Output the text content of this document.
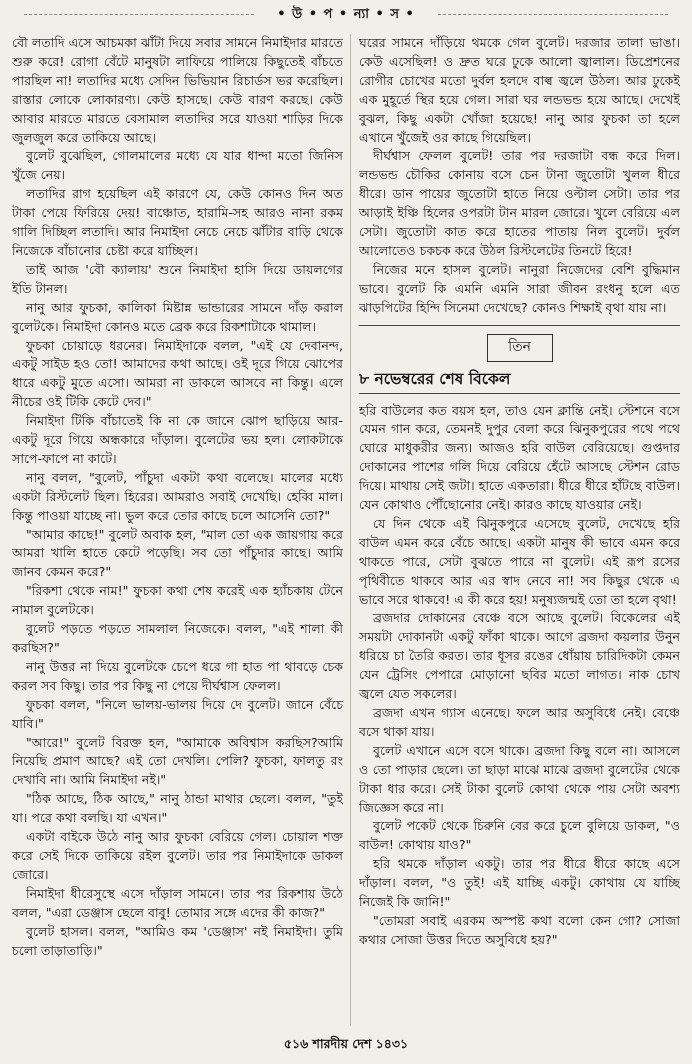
• উ • প • ন্যা • স •

বৌ লতাদি এসে আচমকা ঝাঁটা দিয়ে সবার সামনে নিমাইদার মারতে শুরু করে! রোগা বেঁটে মানুষটা লাফিয়ে পালিয়ে কিছুতেই বাঁচতে পারছিল না! লতাদির মধ্যে সেদিন ভিভিয়ান রিচার্ডস ভর করেছিল। রাস্তার লোকে লোকারণ্য। কেউ হাসছে। কেউ বারণ করছে। কেউ আবার মারতে মারতে বেসামাল লতাদির সরে যাওয়া শাড়ির দিকে জুলজুল করে তাকিয়ে আছে।

বুলেট বুঝেছিল, গোলমালের মধ্যে যে যার ধান্দা মতো জিনিস খুঁজে নেয়।

লতাদির রাগ হয়েছিল এই কারণে যে, কেউ কোনও দিন অত টাকা পেয়ে ফিরিয়ে দেয়! বাঞ্চোত, হারামি-সহ আরও নানা রকম গালি দিচ্ছিল লতাদি। আর নিমাইদা নেচে নেচে ঝাঁটার বাড়ি থেকে নিজেকে বাঁচানোর চেষ্টা করে যাচ্ছিল।

তাই আজ 'বৌ ক্যালায়' শুনে নিমাইদা হাসি দিয়ে ডায়লগের ইতি টানল।

নানু আর ফুচকা, কালিকা মিষ্টান্ন ভান্ডারের সামনে দাঁড় করাল বুলেটকে। নিমাইদা কোনও মতে ব্রেক করে রিকশাটাকে থামাল।

ফুচকা চোয়াড়ে ধরনের। নিমাইদাকে বলল, "এই যে দেবানন্দ, একটু সাইড হও তো! আমাদের কথা আছে। ওই দূরে গিয়ে ঝোপের ধারে একটু মুতে এসো। আমরা না ডাকলে আসবে না কিন্তু। এলে নীচের ওই টিকি কেটে দেব।"

নিমাইদা টিকি বাঁচাতেই কি না কে জানে ঝোপ ছাড়িয়ে আর-একটু দূরে গিয়ে অন্ধকারে দাঁড়াল। বুলেটের ভয় হল। লোকটাকে সাপে-ফাপে না কাটে।

নানু বলল, "বুলেট, পাঁচুদা একটা কথা বলেছে। মালের মধ্যে একটা রিস্টলেট ছিল। হিরের। আমরাও সবাই দেখেছি। হেব্বি মাল। কিন্তু পাওয়া যাচ্ছে না। ভুল করে তোর কাছে চলে আসেনি তো?"

"আমার কাছে!" বুলেট অবাক হল, "মাল তো এক জায়গায় করে আমরা খালি হাতে কেটে পড়েছি। সব তো পাঁচুদার কাছে। আমি জানব কেমন করে?"

"রিকশা থেকে নাম!" ফুচকা কথা শেষ করেই এক হ্যাঁচকায় টেনে নামাল বুলেটকে।

বুলেট পড়তে পড়তে সামলাল নিজেকে। বলল, "এই শালা কী করছিস?"

নানু উত্তর না দিয়ে বুলেটকে চেপে ধরে গা হাত পা থাবড়ে চেক করল সব কিছু। তার পর কিছু না পেয়ে দীর্ঘশ্বাস ফেলল।

ফুচকা বলল, "নিলে ভালয়-ভালয় দিয়ে দে বুলেট। জানে বেঁচে যাবি।"

"আরে!" বুলেট বিরক্ত হল, "আমাকে অবিশ্বাস করছিস?আমি নিয়েছি প্রমাণ আছে? এই তো দেখলি। পেলি? ফুচকা, ফালতু রং দেখাবি না। আমি নিমাইদা নই।"

"ঠিক আছে, ঠিক আছে," নানু ঠান্ডা মাথার ছেলে। বলল, "তুই যা। পরে কথা বলছি। যা এখন।"

একটা বাইকে উঠে নানু আর ফুচকা বেরিয়ে গেল। চোয়াল শক্ত করে সেই দিকে তাকিয়ে রইল বুলেট। তার পর নিমাইদাকে ডাকল জোরে।

নিমাইদা ধীরেসুস্থে এসে দাঁড়াল সামনে। তার পর রিকশায় উঠে বলল, "এরা ডেঞ্জাস ছেলে বাবু! তোমার সঙ্গে এদের কী কাজ?"

বুলেট হাসল। বলল, "আমিও কম 'ডেঞ্জাস' নই নিমাইদা। তুমি চলো তাড়াতাড়ি।"

ঘরের সামনে দাঁড়িয়ে থমকে গেল বুলেট। দরজার তালা ভাঙা। কেউ এসেছিল! ও দ্রুত ঘরে ঢুকে আলো জ্বালাল। ডিপ্রেশনের রোগীর চোখের মতো দুর্বল হলদে বাল্ব জ্বলে উঠল। আর ঢুকেই এক মুহূর্তে স্থির হয়ে গেল। সারা ঘর লন্ডভন্ড হয়ে আছে। দেখেই বুঝল, কিছু একটা খোঁজা হয়েছে! নানু আর ফুচকা তা হলে এখানে খুঁজেই ওর কাছে গিয়েছিল।

দীর্ঘশ্বাস ফেলল বুলেট! তার পর দরজাটা বন্ধ করে দিল। লন্ডভন্ড চৌকির কোনায় বসে চেন টানা জুতোটা খুলল ধীরে ধীরে। ডান পায়ের জুতোটা হাতে নিয়ে ওল্টাল সেটা। তার পর আড়াই ইঞ্চি হিলের ওপরটা টান মারল জোরে। খুলে বেরিয়ে এল সেটা। জুতোটা কাত করে হাতের পাতায় নিল বুলেট। দুর্বল আলোতেও চকচক করে উঠল রিস্টলেটের তিনটে হিরে!

নিজের মনে হাসল বুলেট। নানুরা নিজেদের বেশি বুদ্ধিমান ভাবে। বুলেট কি এমনি এমনি সারা জীবন রংধনু হলে এত ঝাড়পিটের হিন্দি সিনেমা দেখেছে? কোনও শিক্ষাই বৃথা যায় না।

তিন
৮ নভেম্বরের শেষ বিকেল

হরি বাউলের কত বয়স হল, তাও যেন ক্লান্তি নেই। স্টেশনে বসে যেমন গান করে, তেমনই দুপুর বেলা করে ঝিনুকপুরের পথে পথে ঘোরে মাধুকরীর জন্য। আজও হরি বাউল বেরিয়েছে। গুপ্তদার দোকানের পাশের গলি দিয়ে বেরিয়ে হেঁটে আসছে স্টেশন রোড দিয়ে। মাথায় সেই জটা। হাতে একতারা। ধীরে ধীরে হাঁটছে বাউল। যেন কোথাও পৌঁছোনোর নেই। কারও কাছে যাওয়ার নেই।

যে দিন থেকে এই ঝিনুকপুরে এসেছে বুলেট, দেখেছে হরি বাউল এমন করে বেঁচে আছে। একটা মানুষ কী ভাবে এমন করে থাকতে পারে, সেটা বুঝতে পারে না বুলেট। এই রূপ রসের পৃথিবীতে থাকবে আর এর স্বাদ নেবে না! সব কিছুর থেকে এ ভাবে সরে থাকবে! এ কী করে হয়! মনুষ্যজন্মই তো তা হলে বৃথা!

ব্রজদার দোকানের বেঞ্চে বসে আছে বুলেট। বিকেলের এই সময়টা দোকানটা একটু ফাঁকা থাকে। আগে ব্রজদা কয়লার উনুন ধরিয়ে চা তৈরি করত। তার ধূসর রঙের ধোঁয়ায় চারিদিকটা কেমন যেন ট্রেসিং পেপারে মোড়ানো ছবির মতো লাগত। নাক চোখ জ্বলে যেত সকলের।

ব্রজদা এখন গ্যাস এনেছে। ফলে আর অসুবিধে নেই। বেঞ্চে বসে থাকা যায়।

বুলেট এখানে এসে বসে থাকে। ব্রজদা কিছু বলে না। আসলে ও তো পাড়ার ছেলে। তা ছাড়া মাঝে মাঝে ব্রজদা বুলেটের থেকে টাকা ধার করে। সেই টাকা বুলেট কোথা থেকে পায় সেটা অবশ্য জিজ্ঞেস করে না।

বুলেট পকেট থেকে চিরুনি বের করে চুলে বুলিয়ে ডাকল, "ও বাউল! কোথায় যাও?"

হরি থমকে দাঁড়াল একটু। তার পর ধীরে ধীরে কাছে এসে দাঁড়াল। বলল, "ও তুই! এই যাচ্ছি একটু। কোথায় যে যাচ্ছি নিজেই কি জানি!"

"তোমরা সবাই এরকম অস্পষ্ট কথা বলো কেন গো? সোজা কথার সোজা উত্তর দিতে অসুবিধে হয়?"

৫১৬ শারদীয় দেশ ১৪৩১
